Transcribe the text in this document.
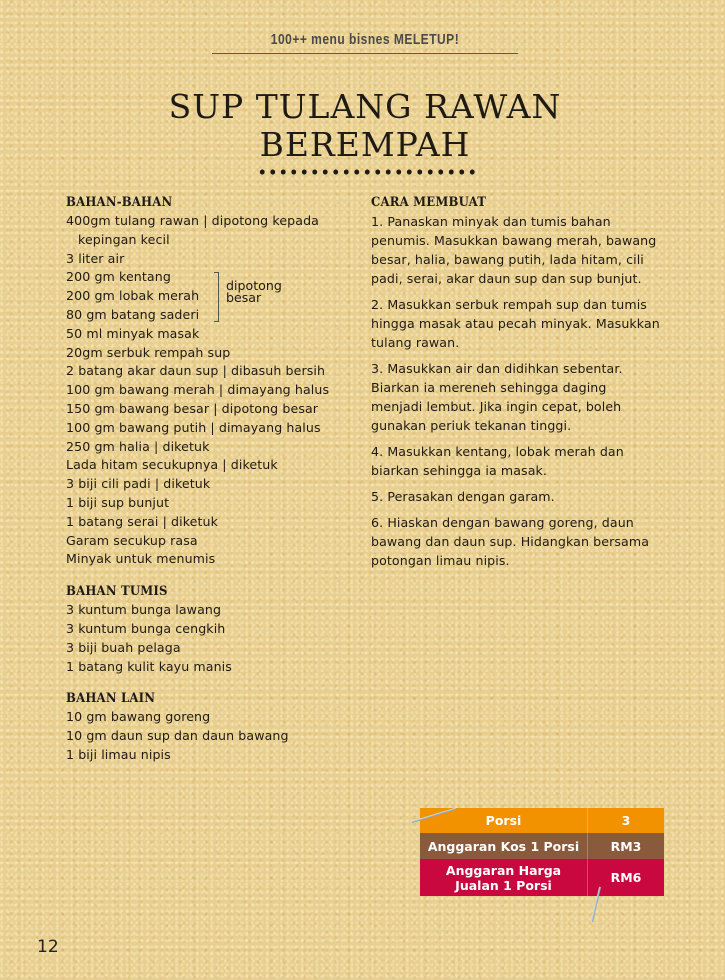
100++ menu bisnes MELETUP!
SUP TULANG RAWAN
BEREMPAH
BAHAN-BAHAN
400gm tulang rawan | dipotong kepada kepingan kecil
3 liter air
200 gm kentang
200 gm lobak merah
80 gm batang saderi
dipotong
besar
50 ml minyak masak
20gm serbuk rempah sup
2 batang akar daun sup | dibasuh bersih
100 gm bawang merah | dimayang halus
150 gm bawang besar | dipotong besar
100 gm bawang putih | dimayang halus
250 gm halia | diketuk
Lada hitam secukupnya | diketuk
3 biji cili padi | diketuk
1 biji sup bunjut
1 batang serai | diketuk
Garam secukup rasa
Minyak untuk menumis
BAHAN TUMIS
3 kuntum bunga lawang
3 kuntum bunga cengkih
3 biji buah pelaga
1 batang kulit kayu manis
BAHAN LAIN
10 gm bawang goreng
10 gm daun sup dan daun bawang
1 biji limau nipis
CARA MEMBUAT

1. Panaskan minyak dan tumis bahan penumis. Masukkan bawang merah, bawang besar, halia, bawang putih, lada hitam, cili padi, serai, akar daun sup dan sup bunjut.

2. Masukkan serbuk rempah sup dan tumis hingga masak atau pecah minyak. Masukkan tulang rawan.

3. Masukkan air dan didihkan sebentar. Biarkan ia mereneh sehingga daging menjadi lembut. Jika ingin cepat, boleh gunakan periuk tekanan tinggi.

4. Masukkan kentang, lobak merah dan biarkan sehingga ia masak.

5. Perasakan dengan garam.

6. Hiaskan dengan bawang goreng, daun bawang dan daun sup. Hidangkan bersama potongan limau nipis.

Porsi	3
Anggaran Kos 1 Porsi	RM3
Anggaran Harga Jualan 1 Porsi	RM6
12
